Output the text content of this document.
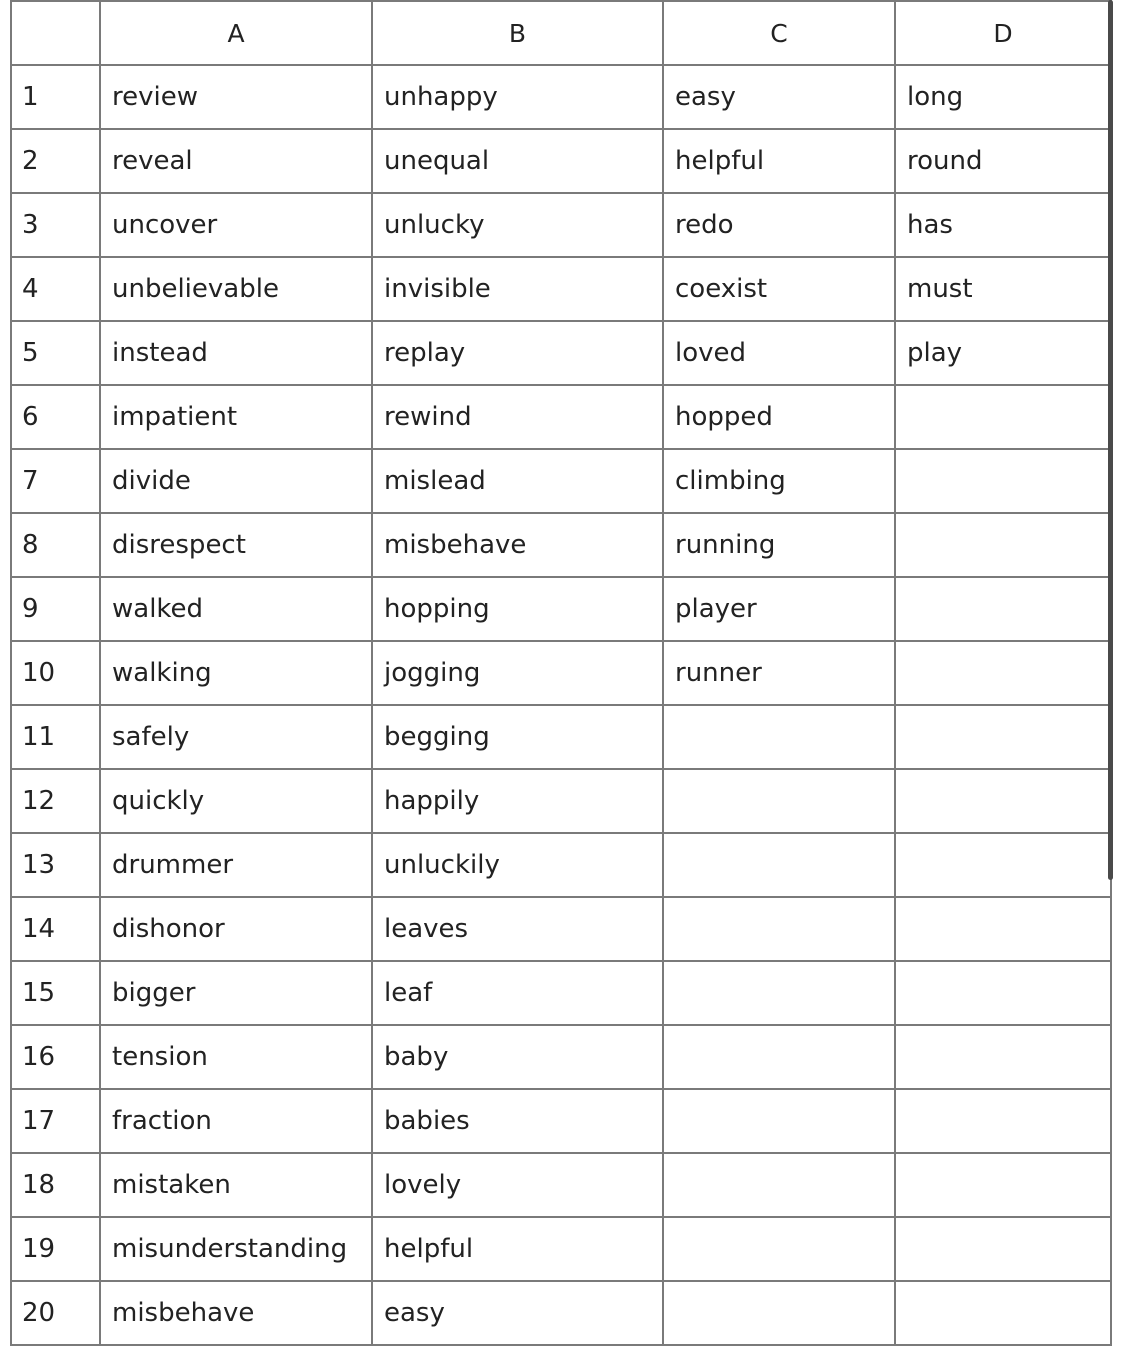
	A	B	C	D
1	review	unhappy	easy	long
2	reveal	unequal	helpful	round
3	uncover	unlucky	redo	has
4	unbelievable	invisible	coexist	must
5	instead	replay	loved	play
6	impatient	rewind	hopped	
7	divide	mislead	climbing	
8	disrespect	misbehave	running	
9	walked	hopping	player	
10	walking	jogging	runner	
11	safely	begging		
12	quickly	happily		
13	drummer	unluckily		
14	dishonor	leaves		
15	bigger	leaf		
16	tension	baby		
17	fraction	babies		
18	mistaken	lovely		
19	misunderstanding	helpful		
20	misbehave	easy		
